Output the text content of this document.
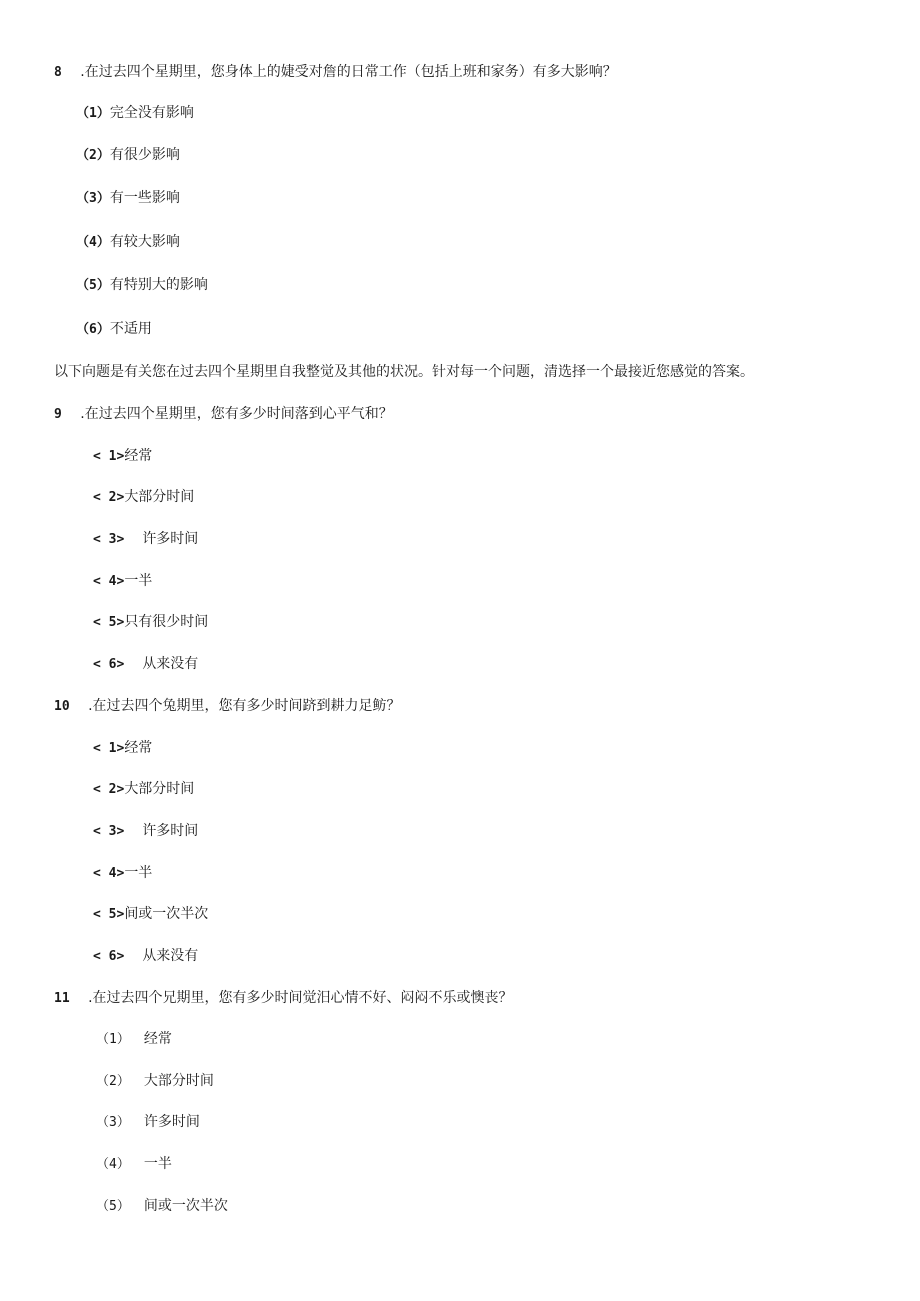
8 .在过去四个星期里，您身体上的婕受对詹的日常工作（包括上班和家务）有多大影响？
（1）完全没有影响
（2）有很少影响
（3）有一些影响
（4）有较大影响
（5）有特别大的影响
（6）不适用
以下向题是有关您在过去四个星期里自我整觉及其他的状况。针对每一个问题，清选择一个最接近您感觉的答案。
9 .在过去四个星期里，您有多少时间落到心平气和？
< 1>经常
< 2>大部分时间
< 3> 许多时间
< 4>一半
< 5>只有很少时间
< 6> 从来没有
10 .在过去四个兔期里，您有多少时间跻到耕力足鲂？
< 1>经常
< 2>大部分时间
< 3> 许多时间
< 4>一半
< 5>间或一次半次
< 6> 从来没有
11 .在过去四个兄期里，您有多少时间觉汨心情不好、闷闷不乐或懊丧？
（1） 经常
（2） 大部分时间
（3） 许多时间
（4） 一半
（5） 间或一次半次
